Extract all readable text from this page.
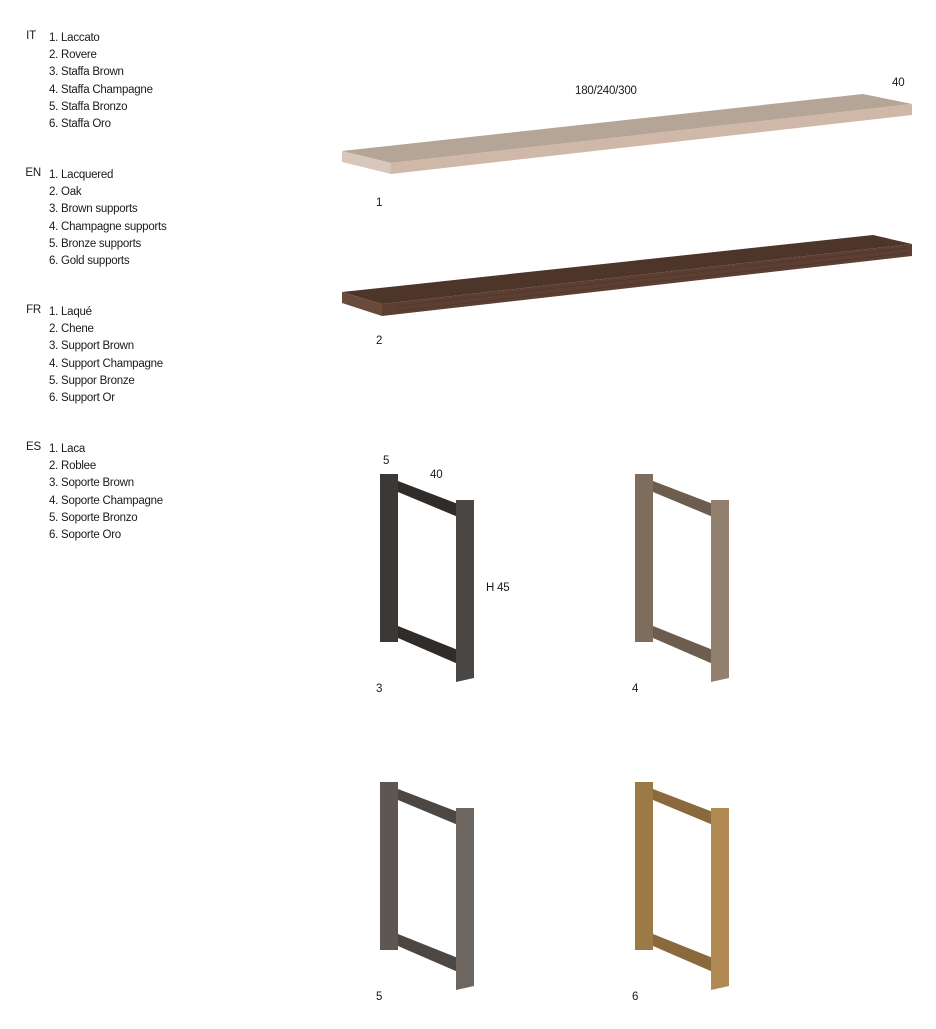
IT 1. Laccato
2. Rovere
3. Staffa Brown
4. Staffa Champagne
5. Staffa Bronzo
6. Staffa Oro
EN 1. Lacquered
2. Oak
3. Brown supports
4. Champagne supports
5. Bronze supports
6. Gold supports
FR 1. Laqué
2. Chene
3. Support Brown
4. Support Champagne
5. Suppor Bronze
6. Support Or
ES 1. Laca
2. Roblee
3. Soporte Brown
4. Soporte Champagne
5. Soporte Bronzo
6. Soporte Oro
180/240/300
40
5
40
H 45
1
2
3	4
5	6
